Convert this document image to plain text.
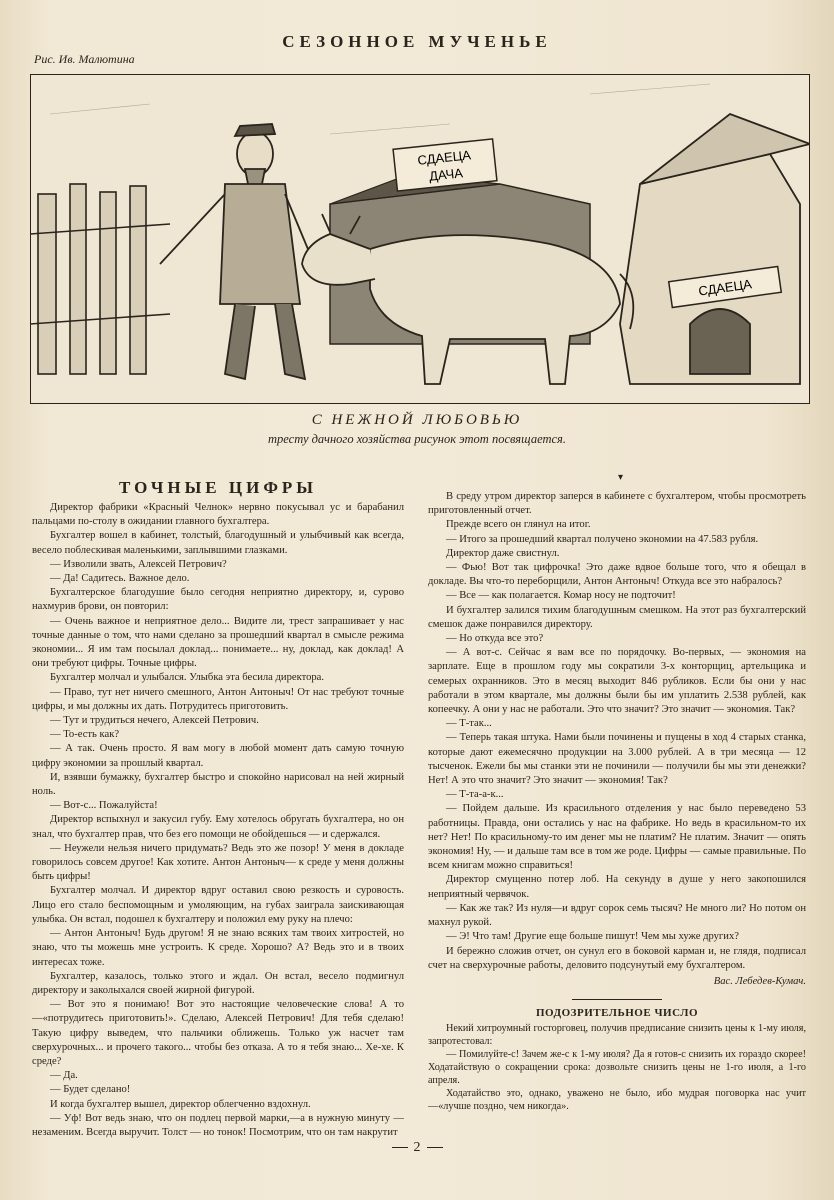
СЕЗОННОЕ МУЧЕНЬЕ
Рис. Ив. Малютина
СДАЕЦА
СДАЕЦА
ДАЧА
С НЕЖНОЙ ЛЮБОВЬЮ
тресту дачного хозяйства рисунок этот посвящается.
ТОЧНЫЕ ЦИФРЫ
▾

Директор фабрики «Красный Челнок» нервно покусывал ус и барабанил пальцами по-столу в ожидании главного бухгалтера.

Бухгалтер вошел в кабинет, толстый, благодушный и улыбчивый как всегда, весело поблескивая маленькими, заплывшими глазками.

— Изволили звать, Алексей Петрович?

— Да! Садитесь. Важное дело.

Бухгалтерское благодушие было сегодня неприятно директору, и, сурово нахмурив брови, он повторил:

— Очень важное и неприятное дело... Видите ли, трест запрашивает у нас точные данные о том, что нами сделано за прошедший квартал в смысле режима экономии... Я им там посылал доклад... понимаете... ну, доклад, как доклад! А они требуют цифры. Точные цифры.

Бухгалтер молчал и улыбался. Улыбка эта бесила директора.

— Право, тут нет ничего смешного, Антон Антоныч! От нас требуют точные цифры, и мы должны их дать. Потрудитесь приготовить.

— Тут и трудиться нечего, Алексей Петрович.

— То-есть как?

— А так. Очень просто. Я вам могу в любой момент дать самую точную цифру экономии за прошлый квартал.

И, взявши бумажку, бухгалтер быстро и спокойно нарисовал на ней жирный ноль.

— Вот-с... Пожалуйста!

Директор вспыхнул и закусил губу. Ему хотелось обругать бухгалтера, но он знал, что бухгалтер прав, что без его помощи не обойдешься — и сдержался.

— Неужели нельзя ничего придумать? Ведь это же позор! У меня в докладе говорилось совсем другое! Как хотите. Антон Антоныч— к среде у меня должны быть цифры!

Бухгалтер молчал. И директор вдруг оставил свою резкость и суровость. Лицо его стало беспомощным и умоляющим, на губах заиграла заискивающая улыбка. Он встал, подошел к бухгалтеру и положил ему руку на плечо:

— Антон Антоныч! Будь другом! Я не знаю всяких там твоих хитростей, но знаю, что ты можешь мне устроить. К среде. Хорошо? А? Ведь это и в твоих интересах тоже.

Бухгалтер, казалось, только этого и ждал. Он встал, весело подмигнул директору и заколыхался своей жирной фигурой.

— Вот это я понимаю! Вот это настоящие человеческие слова! А то —«потрудитесь приготовить!». Сделаю, Алексей Петрович! Для тебя сделаю! Такую цифру выведем, что пальчики оближешь. Только уж насчет там сверхурочных... и прочего такого... чтобы без отказа. А то я тебя знаю... Хе-хе. К среде?

— Да.

— Будет сделано!

И когда бухгалтер вышел, директор облегченно вздохнул.

— Уф! Вот ведь знаю, что он подлец первой марки,—а в нужную минуту — незаменим. Всегда выручит. Толст — но тонок! Посмотрим, что он там накрутит

В среду утром директор заперся в кабинете с бухгалтером, чтобы просмотреть приготовленный отчет.

Прежде всего он глянул на итог.

— Итого за прошедший квартал получено экономии на 47.583 рубля.

Директор даже свистнул.

— Фью! Вот так цифрочка! Это даже вдвое больше того, что я обещал в докладе. Вы что-то переборщили, Антон Антоныч! Откуда все это набралось?

— Все — как полагается. Комар носу не подточит!

И бухгалтер залился тихим благодушным смешком. На этот раз бухгалтерский смешок даже понравился директору.

— Но откуда все это?

— А вот-с. Сейчас я вам все по порядочку. Во-первых, — экономия на зарплате. Еще в прошлом году мы сократили 3-х конторщиц, aртельщика и семерых охранников. Это в месяц выходит 846 рубликов. Если бы они у нас работали в этом квартале, мы должны были бы им уплатить 2.538 рублей, как копеечку. А они у нас не работали. Это что значит? Это значит — экономия. Так?

— Т-так...

— Теперь такая штука. Нами были починены и пущены в ход 4 старых станка, которые дают ежемесячно продукции на 3.000 рублей. А в три месяца — 12 тысченок. Ежели бы мы станки эти не починили — получили бы мы эти денежки? Нет! А это что значит? Это значит — экономия! Так?

— Т-та-а-к...

— Пойдем дальше. Из красильного отделения у нас было переведено 53 работницы. Правда, они остались у нас на фабрике. Но ведь в красильном-то их нет? Нет! По красильному-то им денег мы не платим? Не платим. Значит — опять экономия! Ну, — и дальше там все в том же роде. Цифры — самые правильные. По всем книгам можно справиться!

Директор смущенно потер лоб. На секунду в душе у него закопошился неприятный червячок.

— Как же так? Из нуля—и вдруг сорок семь тысяч? Не много ли? Но потом он махнул рукой.

— Э! Что там! Другие еще больше пишут! Чем мы хуже других?

И бережно сложив отчет, он сунул его в боковой карман и, не глядя, подписал счет на сверхурочные работы, деловито подсунутый ему бухгалтером.

Вас. Лебедев-Кумач.
ПОДОЗРИТЕЛЬНОЕ ЧИСЛО

Некий хитроумный госторговец, получив предписание снизить цены к 1-му июля, запротестовал:

— Помилуйте-с! Зачем же-с к 1-му июля? Да я готов-с снизить их гораздо скорее! Ходатайствую о сокращении срока: дозвольте снизить цены не 1-го июля, а 1-го апреля.

Ходатайство это, однако, уважено не было, ибо мудрая поговорка нас учит—«лучше поздно, чем никогда».

2
